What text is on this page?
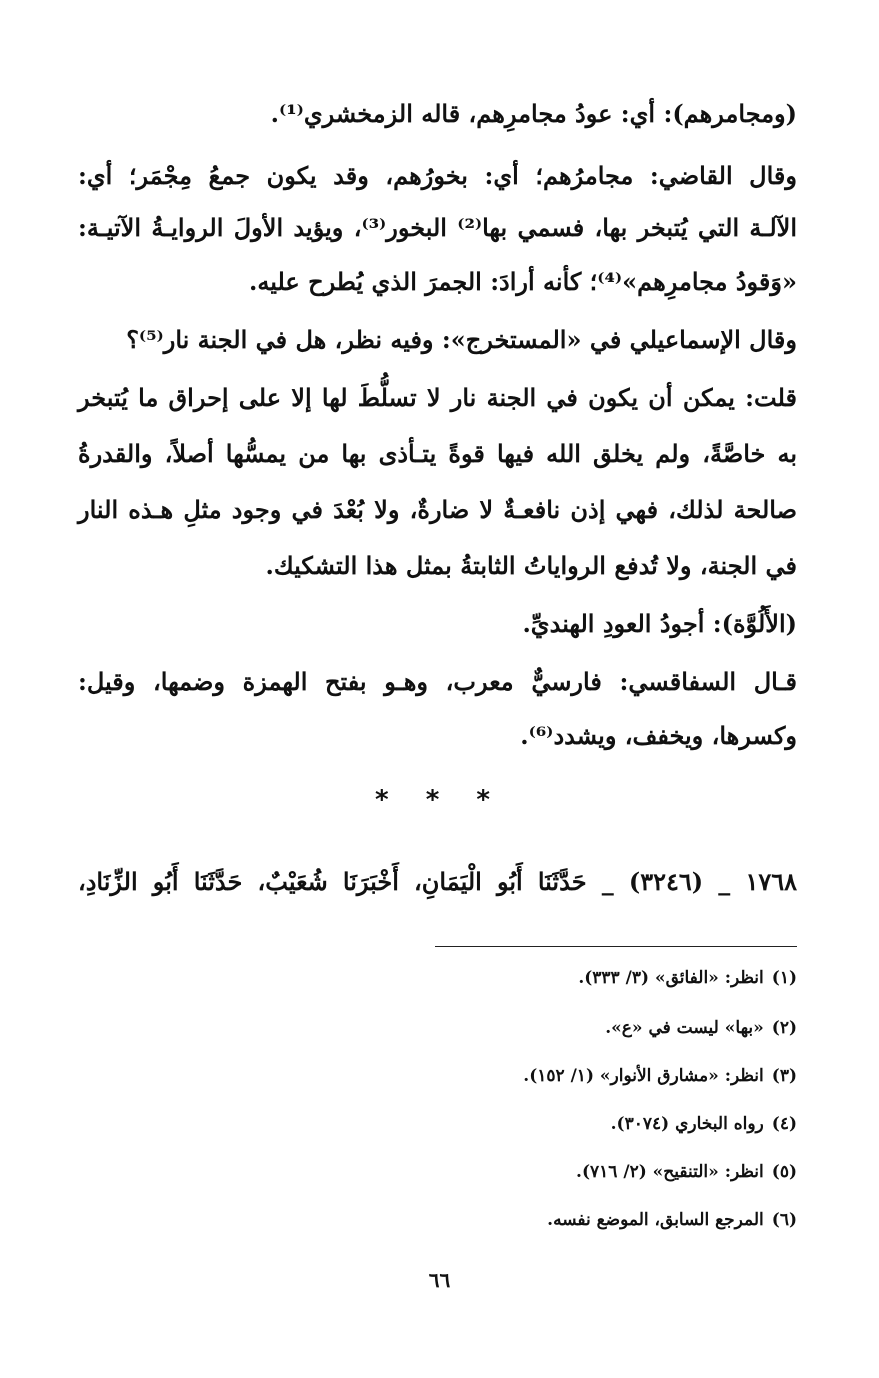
(ومجامرهم): أي: عودُ مجامرِهم، قاله الزمخشري⁽¹⁾.
وقال القاضي: مجامرُهم؛ أي: بخورُهم، وقد يكون جمعُ مِجْمَر؛ أي:
الآلـة التي يُتبخر بها، فسمي بها⁽²⁾ البخور⁽³⁾، ويؤيد الأولَ الروايـةُ الآتيـة:
«وَقودُ مجامرِهم»⁽⁴⁾؛ كأنه أرادَ: الجمرَ الذي يُطرح عليه.
وقال الإسماعيلي في «المستخرج»: وفيه نظر، هل في الجنة نار⁽⁵⁾؟
قلت: يمكن أن يكون في الجنة نار لا تسلُّطَ لها إلا على إحراق ما يُتبخر
به خاصَّةً، ولم يخلق الله فيها قوةً يتـأذى بها من يمسُّها أصلاً، والقدرةُ
صالحة لذلك، فهي إذن نافعـةٌ لا ضارةٌ، ولا بُعْدَ في وجود مثلِ هـذه النار
في الجنة، ولا تُدفع الرواياتُ الثابتةُ بمثل هذا التشكيك.
(الأَلُوَّة): أجودُ العودِ الهنديِّ.
قـال السفاقسي: فارسيٌّ معرب، وهـو بفتح الهمزة وضمها، وقيل:
وكسرها، ويخفف، ويشدد⁽⁶⁾.
* * *
١٧٦٨ _ (٣٢٤٦) _ حَدَّثَنَا أَبُو الْيَمَانِ، أَخْبَرَنَا شُعَيْبٌ، حَدَّثَنَا أَبُو الزِّنَادِ،
(١)انظر: «الفائق» (٣/ ٣٣٣).
(٢)«بها» ليست في «ع».
(٣)انظر: «مشارق الأنوار» (١/ ١٥٢).
(٤)رواه البخاري (٣٠٧٤).
(٥)انظر: «التنقيح» (٢/ ٧١٦).
(٦)المرجع السابق، الموضع نفسه.
٦٦
